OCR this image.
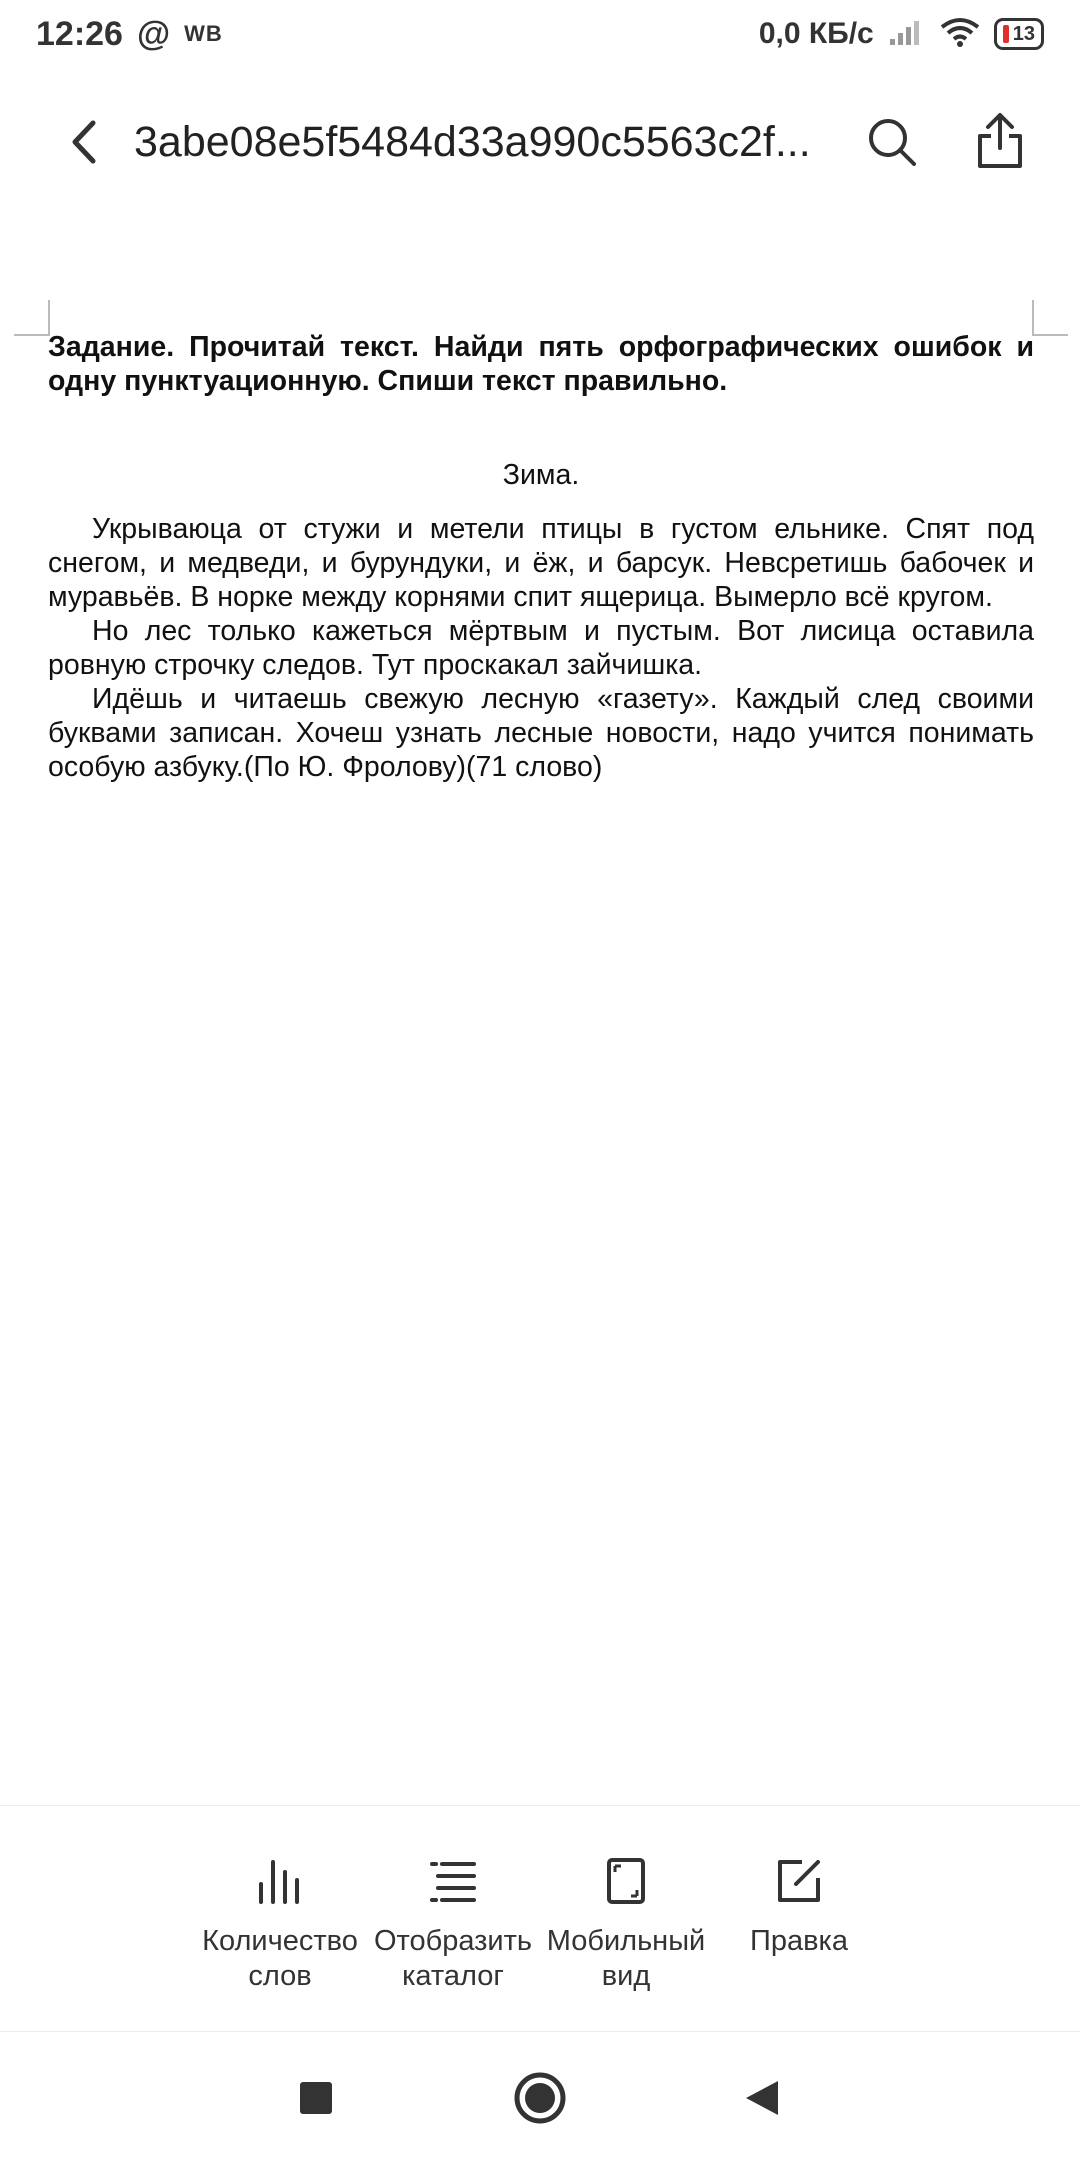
12:26 @ WB	0,0 КБ/с	13
3abe08e5f5484d33a990c5563c2f...

Задание. Прочитай текст. Найди пять орфографических ошибок и одну пунктуационную. Спиши текст правильно.

Зима.

Укрываюца от стужи и метели птицы в густом ельнике. Спят под снегом, и медведи, и бурундуки, и ёж, и барсук. Невсретишь бабочек и муравьёв. В норке между корнями спит ящерица. Вымерло всё кругом.

Но лес только кажеться мёртвым и пустым. Вот лисица оставила ровную строчку следов. Тут проскакал зайчишка.

Идёшь и читаешь свежую лесную «газету». Каждый след своими буквами записан. Хочеш узнать лесные новости, надо учится понимать особую азбуку.(По Ю. Фролову)(71 слово)

Количество
слов
Отобразить
каталог
Мобильный
вид
Правка
